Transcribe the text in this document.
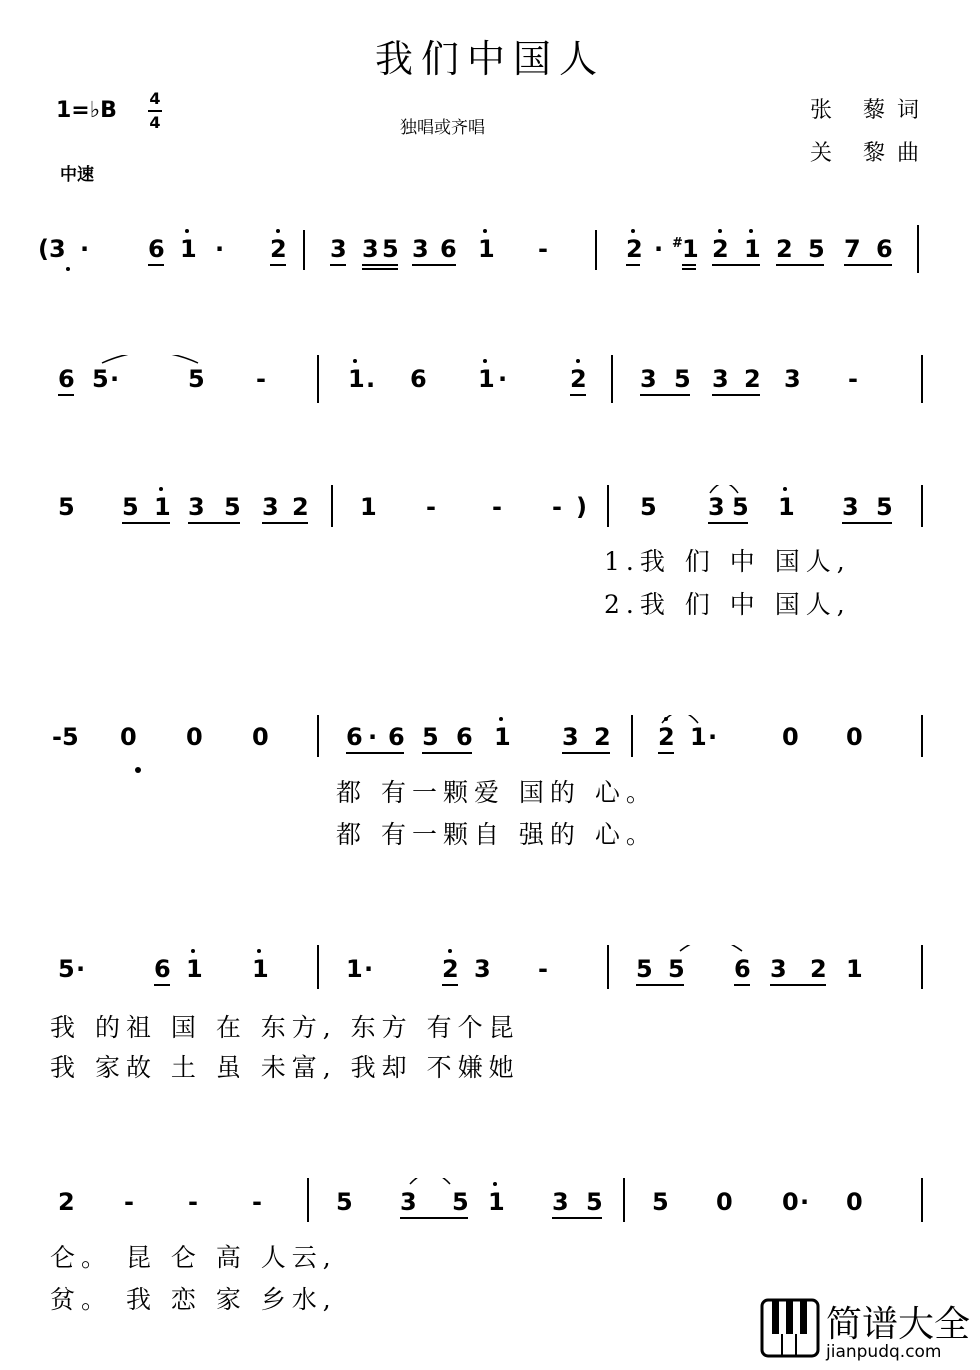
我们中国人
1=♭B 4
4
中速
独唱或齐唱
张 藜词
关 黎曲
(3 · 6 1 · 2 3 3 5 3 6 1 -	2 · # 1 2 1 2 5 7 6
6 5 ·	5 -	1 . 6 1 ·	2 3 5 3 2 3 -
5 5 1 3 5 3 2 1 - - - ) 5 3 5 1 3 5
1.我 们 中 国人,
2.我 们 中 国人,
-5 0 0 0	6 · 6 5 6 1 3 2 2 1 ·	0 0
都 有一颗爱 国的 心。
都 有一颗自 强的 心。
5 ·	6 1 1	1 ·	2 3 -	5 5 6 3 2 1
我 的祖 国 在 东方, 东方 有个昆
我 家故 土 虽 未富, 我却 不嫌她
2 - - -	5 3 5 1 3 5 5 0 0 · 0
仑。 昆 仑 高 人云,
贫。 我 恋 家 乡水,
简谱大全
jianpudq.com
